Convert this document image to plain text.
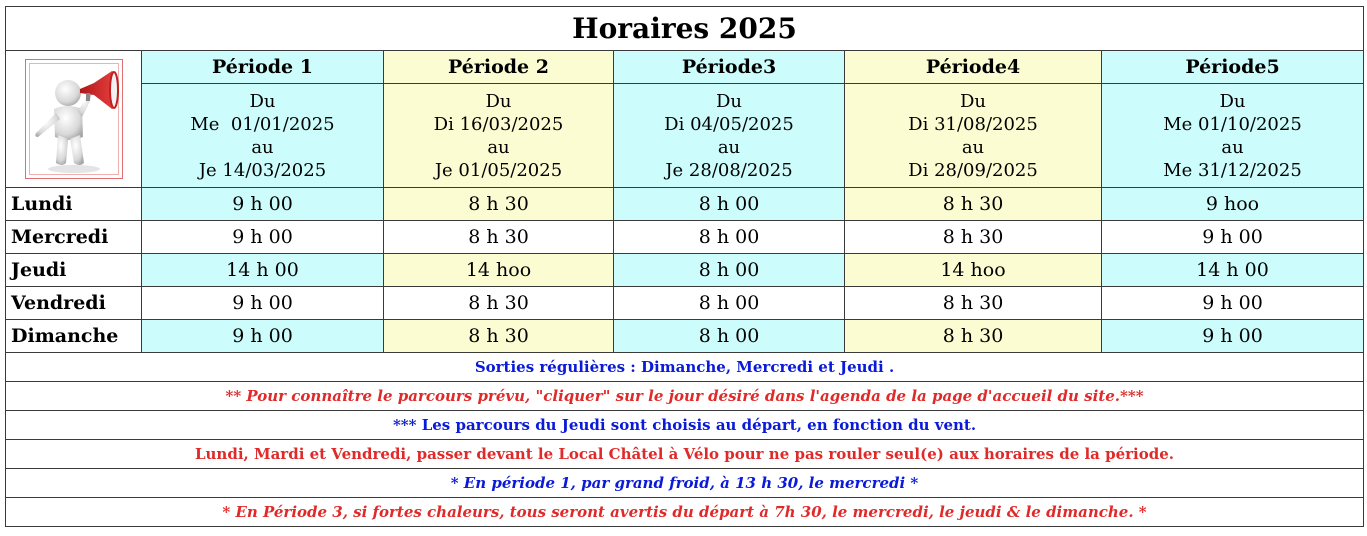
Horaires 2025					

	Période 1	Période 2	Période3	Période4	Période5

	Du
Me  01/01/2025
au
Je 14/03/2025	Du
Di 16/03/2025
au
Je 01/05/2025	Du
Di 04/05/2025
au
Je 28/08/2025	Du
Di 31/08/2025
au
Di 28/09/2025	Du
Me 01/10/2025
au
Me 31/12/2025

Lundi	9 h 00	8 h 30	8 h 00	8 h 30	9 hoo
Mercredi	9 h 00	8 h 30	8 h 00	8 h 30	9 h 00
Jeudi	14 h 00	14 hoo	8 h 00	14 hoo	14 h 00
Vendredi	9 h 00	8 h 30	8 h 00	8 h 30	9 h 00
Dimanche	9 h 00	8 h 30	8 h 00	8 h 30	9 h 00
Sorties régulières : Dimanche, Mercredi et Jeudi .					
** Pour connaître le parcours prévu, "cliquer" sur le jour désiré dans l'agenda de la page d'accueil du site.***					
*** Les parcours du Jeudi sont choisis au départ, en fonction du vent.					
Lundi, Mardi et Vendredi, passer devant le Local Châtel à Vélo pour ne pas rouler seul(e) aux horaires de la période.					
* En période 1, par grand froid, à 13 h 30, le mercredi *					
* En Période 3, si fortes chaleurs, tous seront avertis du départ à 7h 30, le mercredi, le jeudi & le dimanche. *					
